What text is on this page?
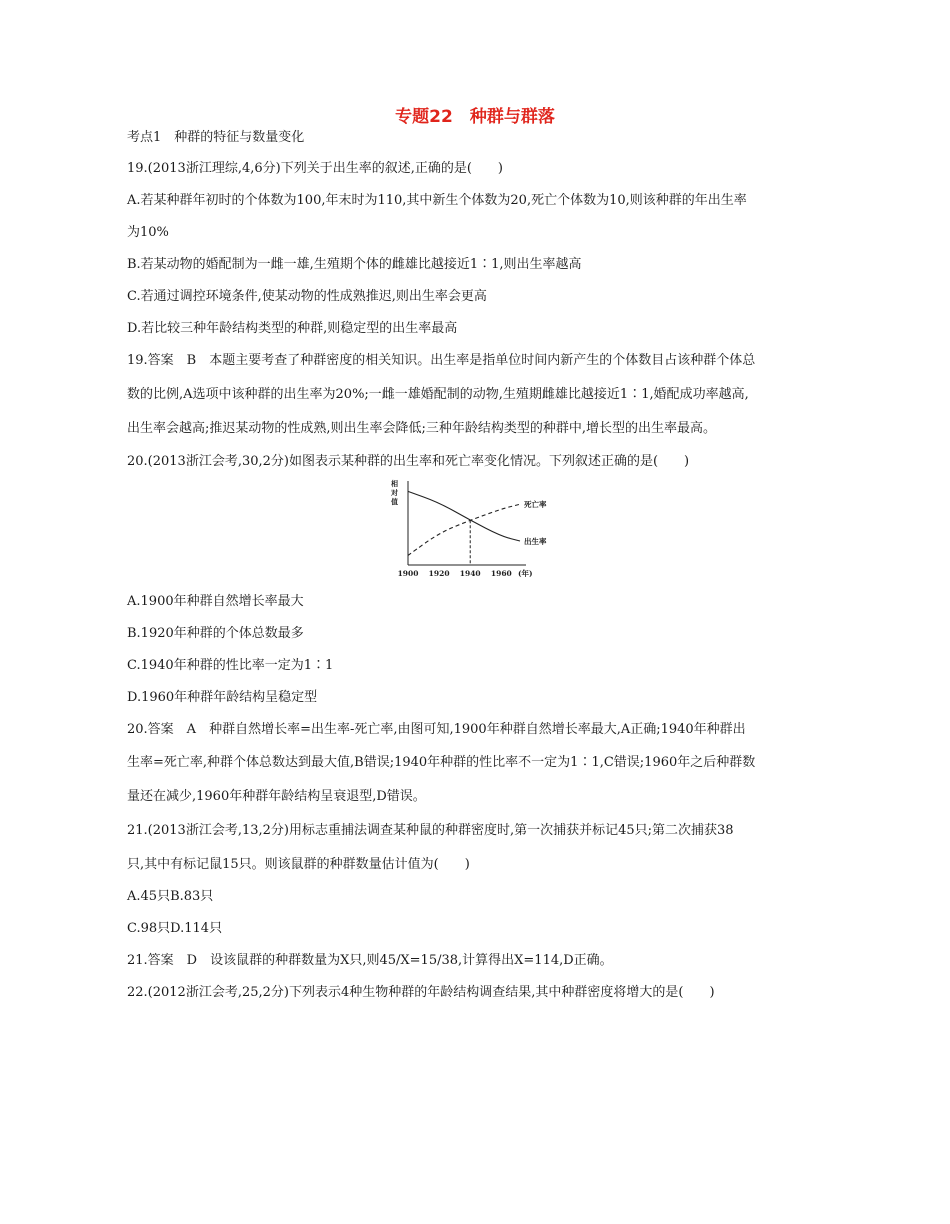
专题22　种群与群落
考点1　种群的特征与数量变化
19.(2013浙江理综,4,6分)下列关于出生率的叙述,正确的是(　　)
A.若某种群年初时的个体数为100,年末时为110,其中新生个体数为20,死亡个体数为10,则该种群的年出生率
为10%
B.若某动物的婚配制为一雌一雄,生殖期个体的雌雄比越接近1∶1,则出生率越高
C.若通过调控环境条件,使某动物的性成熟推迟,则出生率会更高
D.若比较三种年龄结构类型的种群,则稳定型的出生率最高
19.答案　B　本题主要考查了种群密度的相关知识。出生率是指单位时间内新产生的个体数目占该种群个体总
数的比例,A选项中该种群的出生率为20%;一雌一雄婚配制的动物,生殖期雌雄比越接近1∶1,婚配成功率越高,
出生率会越高;推迟某动物的性成熟,则出生率会降低;三种年龄结构类型的种群中,增长型的出生率最高。
20.(2013浙江会考,30,2分)如图表示某种群的出生率和死亡率变化情况。下列叙述正确的是(　　)
相对值
1900 1920 1940 1960 (年)
死亡率
出生率
A.1900年种群自然增长率最大
B.1920年种群的个体总数最多
C.1940年种群的性比率一定为1∶1
D.1960年种群年龄结构呈稳定型
20.答案　A　种群自然增长率=出生率-死亡率,由图可知,1900年种群自然增长率最大,A正确;1940年种群出
生率=死亡率,种群个体总数达到最大值,B错误;1940年种群的性比率不一定为1∶1,C错误;1960年之后种群数
量还在减少,1960年种群年龄结构呈衰退型,D错误。
21.(2013浙江会考,13,2分)用标志重捕法调查某种鼠的种群密度时,第一次捕获并标记45只;第二次捕获38
只,其中有标记鼠15只。则该鼠群的种群数量估计值为(　　)
A.45只B.83只
C.98只D.114只
21.答案　D　设该鼠群的种群数量为X只,则45/X=15/38,计算得出X=114,D正确。
22.(2012浙江会考,25,2分)下列表示4种生物种群的年龄结构调查结果,其中种群密度将增大的是(　　)
